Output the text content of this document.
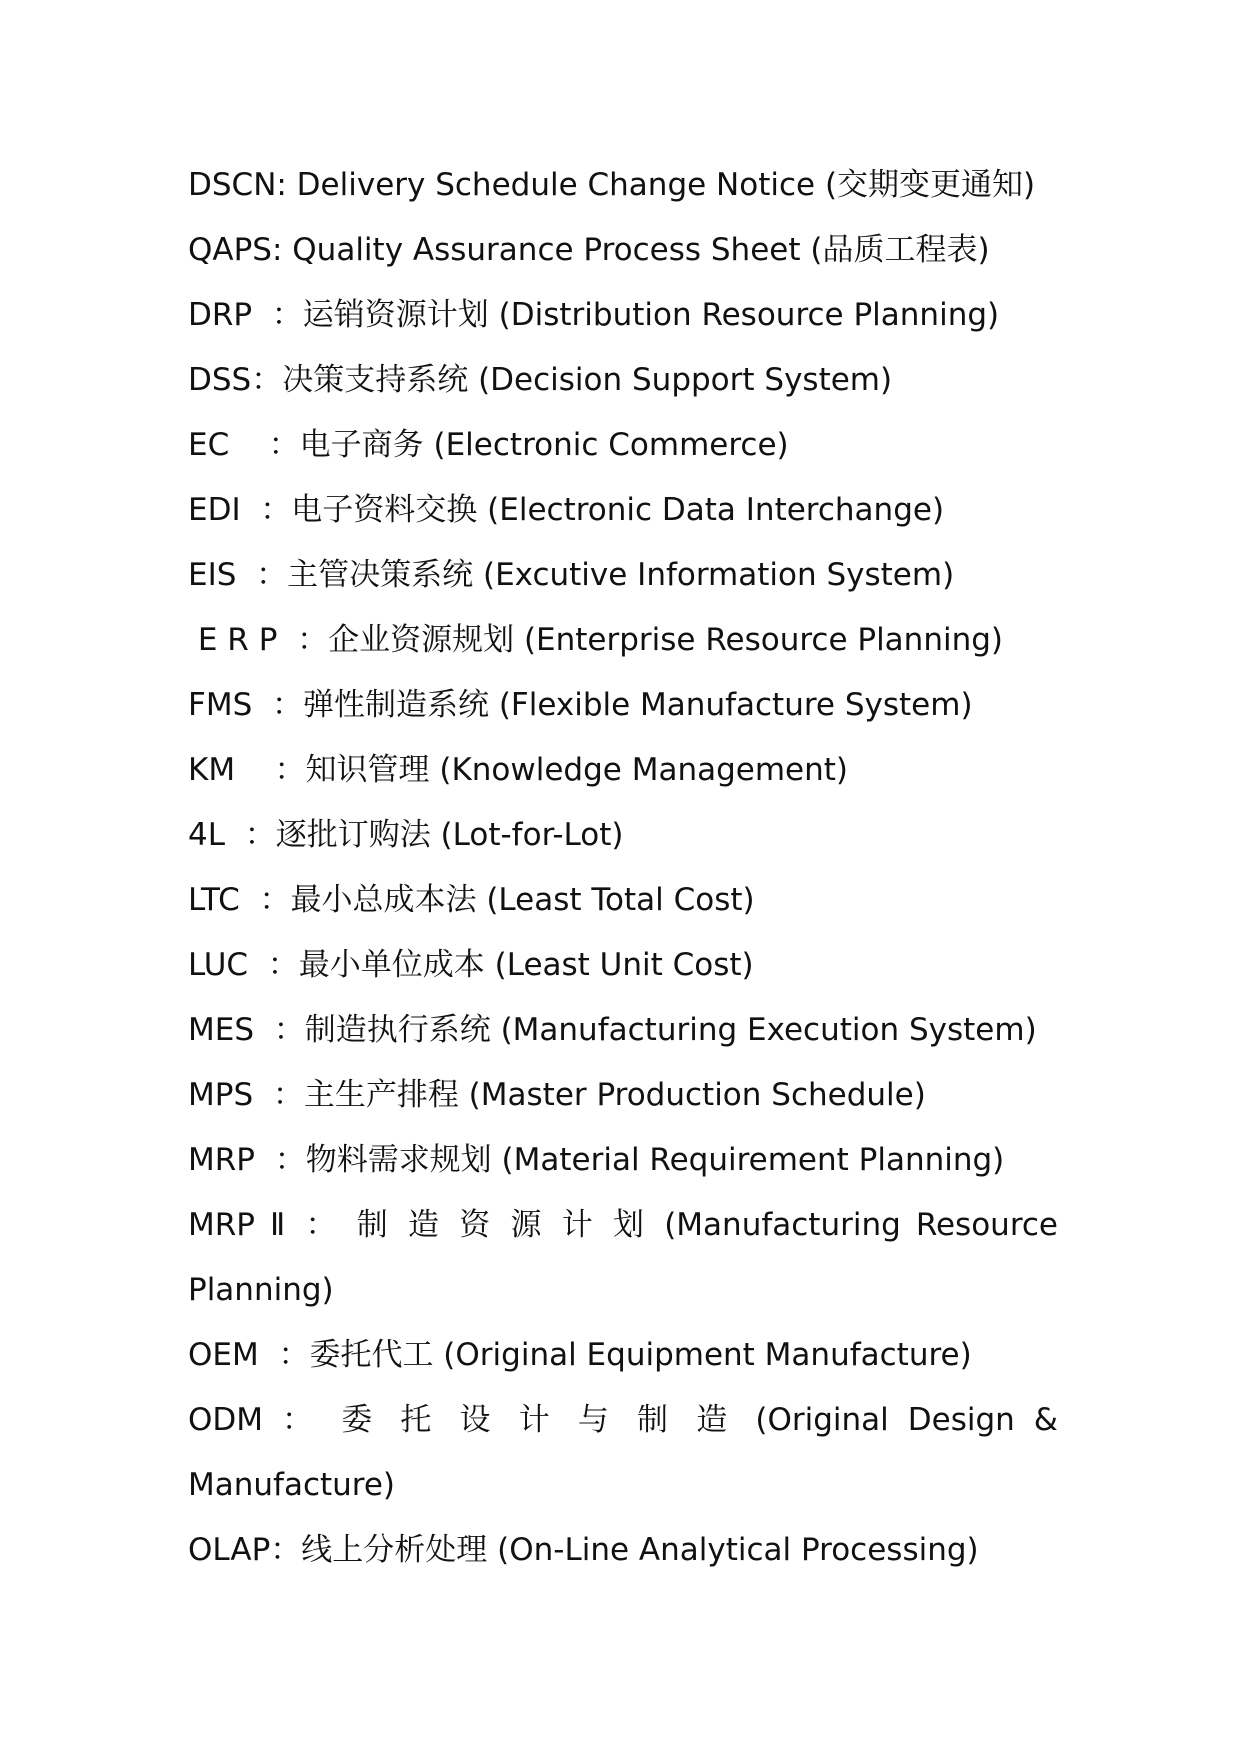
DSCN: Delivery Schedule Change Notice (交期变更通知)
QAPS: Quality Assurance Process Sheet (品质工程表)
DRP  ：运销资源计划 (Distribution Resource Planning)
DSS：决策支持系统 (Decision Support System)
EC    ：电子商务 (Electronic Commerce)
EDI  ：电子资料交换 (Electronic Data Interchange)
EIS  ：主管决策系统 (Excutive Information System)
E R P  ：企业资源规划 (Enterprise Resource Planning)
FMS  ：弹性制造系统 (Flexible Manufacture System)
KM    ：知识管理 (Knowledge Management)
4L  ：逐批订购法 (Lot-for-Lot)
LTC  ：最小总成本法 (Least Total Cost)
LUC  ：最小单位成本 (Least Unit Cost)
MES  ：制造执行系统 (Manufacturing Execution System)
MPS  ：主生产排程 (Master Production Schedule)
MRP  ：物料需求规划 (Material Requirement Planning)
MRP Ⅱ ： 制 造 资 源 计 划 (Manufacturing Resource
Planning)
OEM  ：委托代工 (Original Equipment Manufacture)
ODM ： 委 托 设 计 与 制 造 (Original Design &
Manufacture)
OLAP：线上分析处理 (On-Line Analytical Processing)
